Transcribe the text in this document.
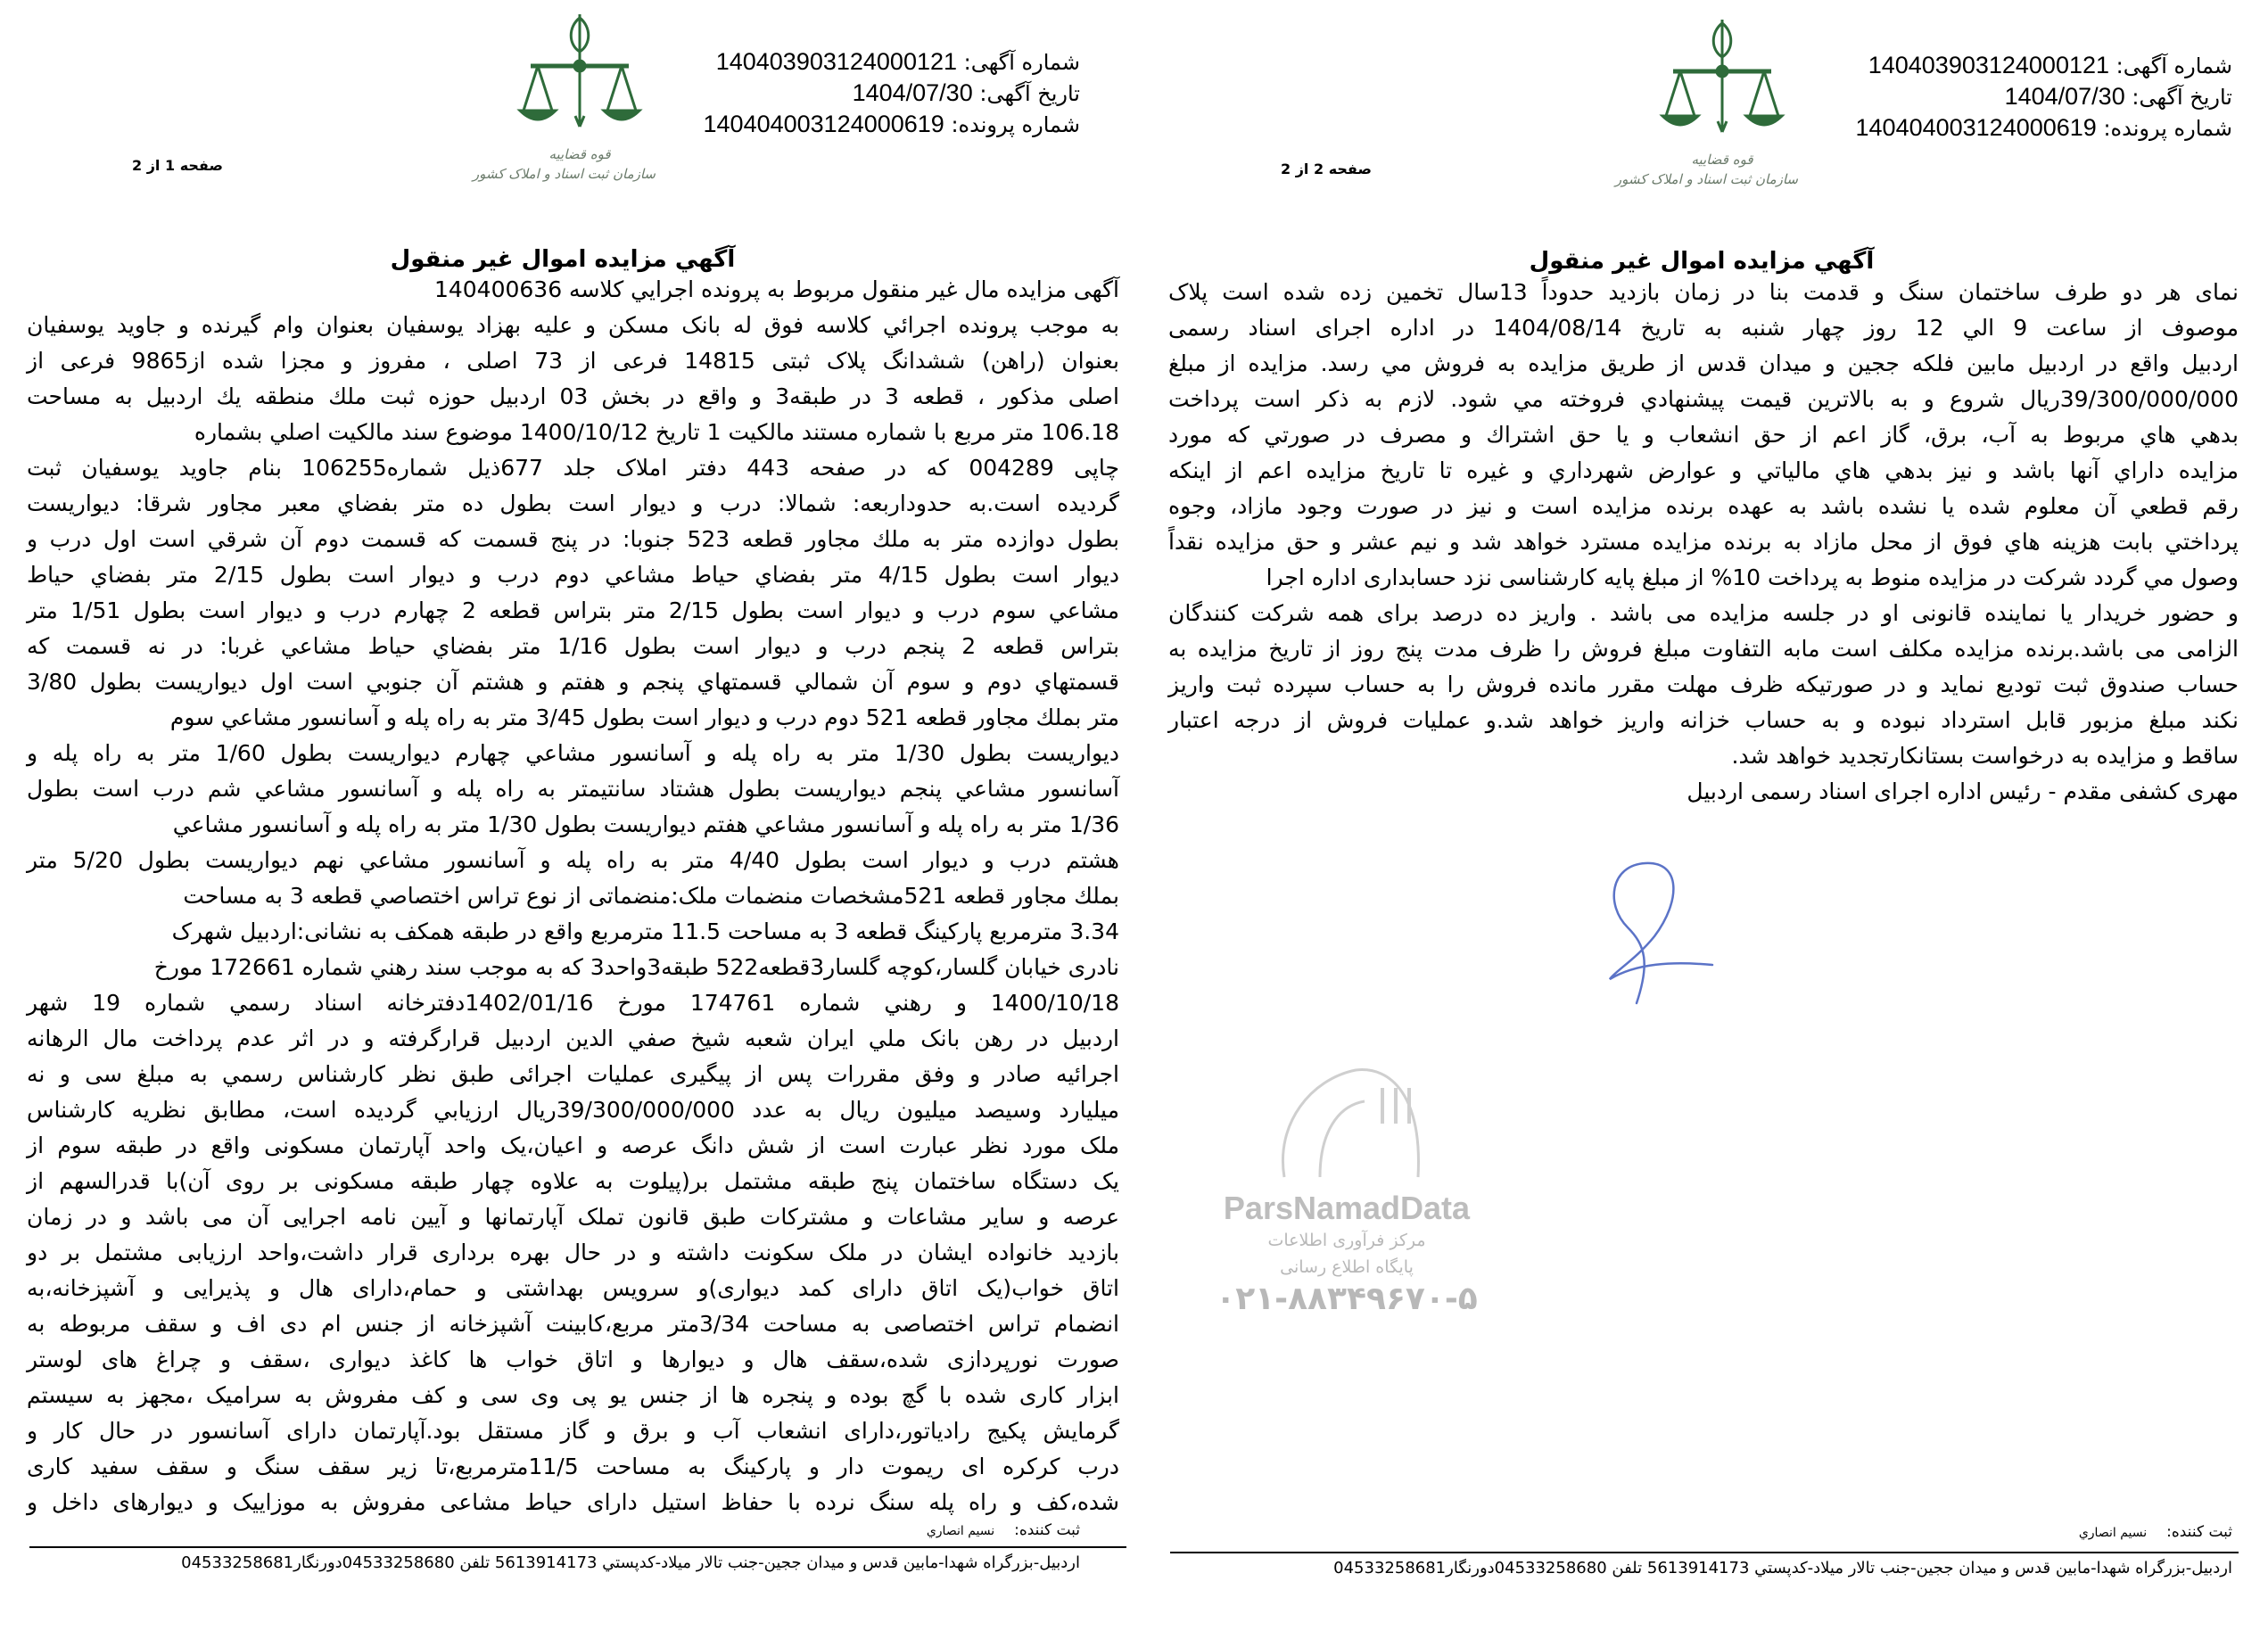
شماره آگهی: 140403903124000121
تاریخ آگهی: 1404/07/30
شماره پرونده: 140404003124000619
قوه قضاییه
سازمان ثبت اسناد و املاک کشور
صفحه 1 از 2
آگهي مزايده اموال غير منقول
آگهی مزايده مال غير منقول مربوط به پرونده اجرايي کلاسه 140400636
به موجب پرونده اجرائي کلاسه فوق له بانک مسکن و عليه بهزاد يوسفيان بعنوان وام گيرنده و جاويد يوسفيان
بعنوان (راهن) ششدانگ پلاک ثبتی 14815 فرعی از 73 اصلی ، مفروز و مجزا شده از9865 فرعی از
اصلی مذکور ، قطعه 3 در طبقه3 و واقع در بخش 03 اردبيل حوزه ثبت ملك منطقه يك اردبيل به مساحت
106.18 متر مربع با شماره مستند مالکيت 1 تاريخ 1400/10/12 موضوع سند مالکيت اصلي بشماره
چاپی 004289 که در صفحه 443 دفتر املاک جلد 677ذيل شماره106255 بنام جاويد يوسفيان ثبت
گرديده است.به حدوداربعه: شمالا: درب و ديوار است بطول ده متر بفضاي معبر مجاور شرقا: ديواريست
بطول دوازده متر به ملك مجاور قطعه 523 جنوبا: در پنج قسمت که قسمت دوم آن شرقي است اول درب و
ديوار است بطول 4/15 متر بفضاي حياط مشاعي دوم درب و ديوار است بطول 2/15 متر بفضاي حياط
مشاعي سوم درب و ديوار است بطول 2/15 متر بتراس قطعه 2 چهارم درب و ديوار است بطول 1/51 متر
بتراس قطعه 2 پنجم درب و ديوار است بطول 1/16 متر بفضاي حياط مشاعي غربا: در نه قسمت که
قسمتهاي دوم و سوم آن شمالي قسمتهاي پنجم و هفتم و هشتم آن جنوبي است اول ديواريست بطول 3/80
متر بملك مجاور قطعه 521 دوم درب و ديوار است بطول 3/45 متر به راه پله و آسانسور مشاعي سوم
ديواريست بطول 1/30 متر به راه پله و آسانسور مشاعي چهارم ديواريست بطول 1/60 متر به راه پله و
آسانسور مشاعي پنجم ديواريست بطول هشتاد سانتيمتر به راه پله و آسانسور مشاعي شم درب است بطول
1/36 متر به راه پله و آسانسور مشاعي هفتم ديواريست بطول 1/30 متر به راه پله و آسانسور مشاعي
هشتم درب و ديوار است بطول 4/40 متر به راه پله و آسانسور مشاعي نهم ديواريست بطول 5/20 متر
بملك مجاور قطعه 521مشخصات منضمات ملک:منضماتی از نوع تراس اختصاصي قطعه 3 به مساحت
3.34 مترمربع پارکينگ قطعه 3 به مساحت 11.5 مترمربع واقع در طبقه همکف به نشانی:اردبيل شهرک
نادری خيابان گلسار،کوچه گلسار3قطعه522 طبقه3واحد3 که به موجب سند رهني شماره 172661 مورخ
1400/10/18 و رهني شماره 174761 مورخ 1402/01/16دفترخانه اسناد رسمي شماره 19 شهر
اردبيل در رهن بانک ملي ايران شعبه شيخ صفي الدين اردبيل قرارگرفته و در اثر عدم پرداخت مال الرهانه
اجرائيه صادر و وفق مقررات پس از پيگيری عمليات اجرائی طبق نظر کارشناس رسمي به مبلغ سی و نه
ميليارد وسيصد ميليون ريال به عدد 39/300/000/000ريال ارزيابي گرديده است، مطابق نظريه کارشناس
ملک مورد نظر عبارت است از شش دانگ عرصه و اعيان،يک واحد آپارتمان مسکونی واقع در طبقه سوم از
يک دستگاه ساختمان پنج طبقه مشتمل بر(پيلوت به علاوه چهار طبقه مسکونی بر روی آن)با قدرالسهم از
عرصه و ساير مشاعات و مشترکات طبق قانون تملک آپارتمانها و آيين نامه اجرايی آن می باشد و در زمان
بازديد خانواده ايشان در ملک سکونت داشته و در حال بهره برداری قرار داشت،واحد ارزيابی مشتمل بر دو
اتاق خواب(يک اتاق دارای کمد ديواری)و سرويس بهداشتی و حمام،دارای هال و پذيرايی و آشپزخانه،به
انضمام تراس اختصاصی به مساحت 3/34متر مربع،کابينت آشپزخانه از جنس ام دی اف و سقف مربوطه به
صورت نورپردازی شده،سقف هال و ديوارها و اتاق خواب ها کاغذ ديواری ،سقف و چراغ های لوستر
ابزار کاری شده با گچ بوده و پنجره ها از جنس يو پی وی سی و کف مفروش به سراميک ،مجهز به سيستم
گرمايش پکيج رادياتور،دارای انشعاب آب و برق و گاز مستقل بود.آپارتمان دارای آسانسور در حال کار و
درب کرکره ای ريموت دار و پارکينگ به مساحت 11/5مترمربع،تا زير سقف سنگ و سقف سفيد کاری
شده،کف و راه پله سنگ نرده با حفاظ استيل دارای حياط مشاعی مفروش به موزاييک و ديوارهای داخل و
ثبت کننده:نسیم انصاري
اردبيل-بزرگراه شهدا-مابين قدس و ميدان ججين-جنب تالار ميلاد-کدپستي 5613914173 تلفن 04533258680دورنگار04533258681
ParsNamadData
مرکز فرآوری اطلاعات
پایگاه اطلاع رسانی
۰۲۱-۸۸۳۴۹۶۷۰-۵
شماره آگهی: 140403903124000121
تاریخ آگهی: 1404/07/30
شماره پرونده: 140404003124000619
قوه قضاییه
سازمان ثبت اسناد و املاک کشور
صفحه 2 از 2
آگهي مزايده اموال غير منقول
نمای هر دو طرف ساختمان سنگ و قدمت بنا در زمان بازديد حدوداً 13سال تخمين زده شده است پلاک
موصوف از ساعت 9 الي 12 روز چهار شنبه به تاريخ 1404/08/14 در اداره اجرای اسناد رسمی
اردبيل واقع در اردبيل مابين فلکه ججين و ميدان قدس از طريق مزايده به فروش مي رسد. مزايده از مبلغ
39/300/000/000ريال شروع و به بالاترين قيمت پيشنهادي فروخته مي شود. لازم به ذکر است پرداخت
بدهي هاي مربوط به آب، برق، گاز اعم از حق انشعاب و يا حق اشتراك و مصرف در صورتي که مورد
مزايده داراي آنها باشد و نيز بدهي هاي مالياتي و عوارض شهرداري و غيره تا تاريخ مزايده اعم از اينکه
رقم قطعي آن معلوم شده يا نشده باشد به عهده برنده مزايده است و نيز در صورت وجود مازاد، وجوه
پرداختي بابت هزينه هاي فوق از محل مازاد به برنده مزايده مسترد خواهد شد و نيم عشر و حق مزايده نقداً
وصول مي گردد شرکت در مزايده منوط به پرداخت 10% از مبلغ پايه کارشناسی نزد حسابداری اداره اجرا
و حضور خريدار يا نماينده قانونی او در جلسه مزايده می باشد . واريز ده درصد برای همه شرکت کنندگان
الزامی می باشد.برنده مزايده مکلف است مابه التفاوت مبلغ فروش را ظرف مدت پنج روز از تاريخ مزايده به
حساب صندوق ثبت توديع نمايد و در صورتيکه ظرف مهلت مقرر مانده فروش را به حساب سپرده ثبت واريز
نکند مبلغ مزبور قابل استرداد نبوده و به حساب خزانه واريز خواهد شد.و عمليات فروش از درجه اعتبار
ساقط و مزايده به درخواست بستانکارتجديد خواهد شد.
مهری کشفی مقدم - رئيس اداره اجرای اسناد رسمی اردبيل
ثبت کننده:نسیم انصاري
اردبيل-بزرگراه شهدا-مابين قدس و ميدان ججين-جنب تالار ميلاد-کدپستي 5613914173 تلفن 04533258680دورنگار04533258681
